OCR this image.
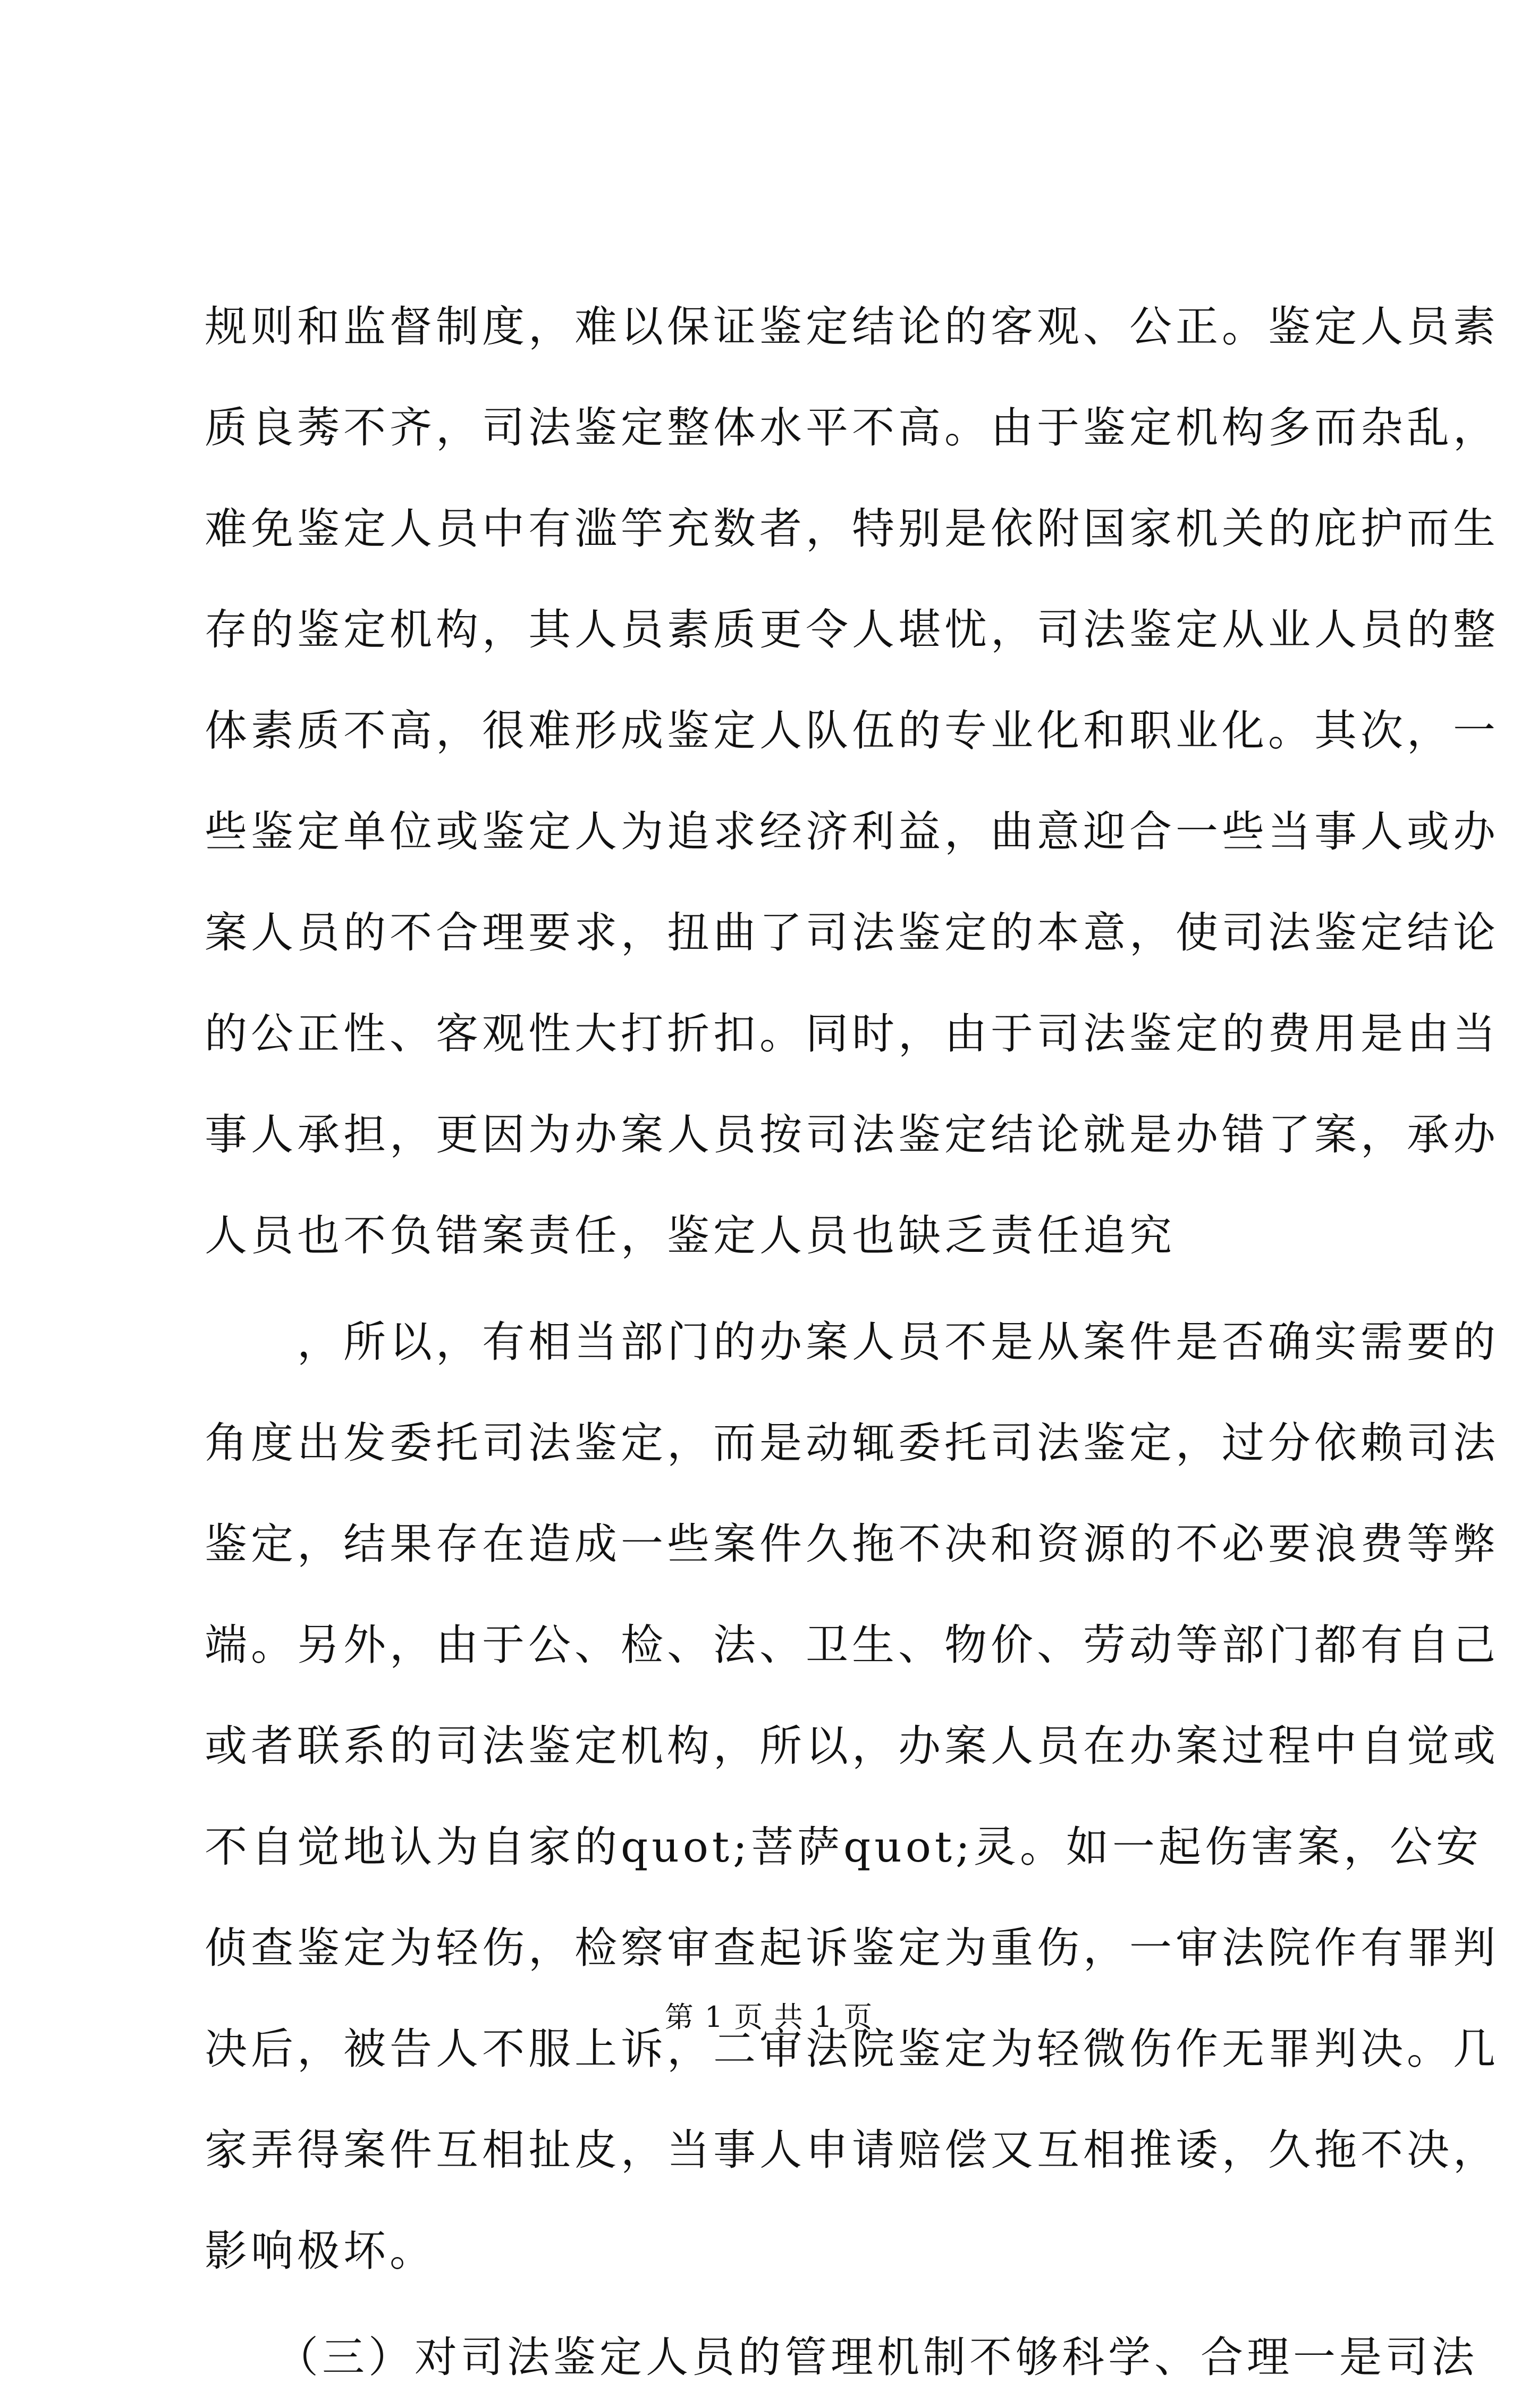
规则和监督制度，难以保证鉴定结论的客观、公正。鉴定人员素
质良莠不齐，司法鉴定整体水平不高。由于鉴定机构多而杂乱，
难免鉴定人员中有滥竽充数者，特别是依附国家机关的庇护而生
存的鉴定机构，其人员素质更令人堪忧，司法鉴定从业人员的整
体素质不高，很难形成鉴定人队伍的专业化和职业化。其次，一
些鉴定单位或鉴定人为追求经济利益，曲意迎合一些当事人或办
案人员的不合理要求，扭曲了司法鉴定的本意，使司法鉴定结论
的公正性、客观性大打折扣。同时，由于司法鉴定的费用是由当
事人承担，更因为办案人员按司法鉴定结论就是办错了案，承办
人员也不负错案责任，鉴定人员也缺乏责任追究
　　，所以，有相当部门的办案人员不是从案件是否确实需要的
角度出发委托司法鉴定，而是动辄委托司法鉴定，过分依赖司法
鉴定，结果存在造成一些案件久拖不决和资源的不必要浪费等弊
端。另外，由于公、检、法、卫生、物价、劳动等部门都有自己
或者联系的司法鉴定机构，所以，办案人员在办案过程中自觉或
不自觉地认为自家的quot;菩萨quot;灵。如一起伤害案，公安
侦查鉴定为轻伤，检察审查起诉鉴定为重伤，一审法院作有罪判
决后，被告人不服上诉，二审法院鉴定为轻微伤作无罪判决。几
家弄得案件互相扯皮，当事人申请赔偿又互相推诿，久拖不决，
影响极坏。
　　（三）对司法鉴定人员的管理机制不够科学、合理一是司法
第 1 页 共 1 页
